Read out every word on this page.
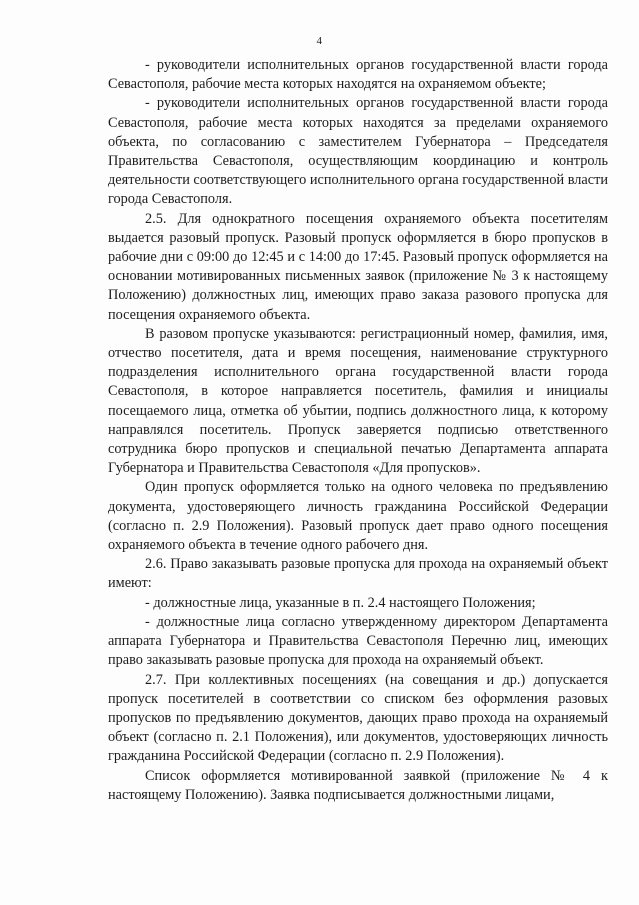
4

- руководители исполнительных органов государственной власти города Севастополя, рабочие места которых находятся на охраняемом объекте;

- руководители исполнительных органов государственной власти города Севастополя, рабочие места которых находятся за пределами охраняемого объекта, по согласованию с заместителем Губернатора – Председателя Правительства Севастополя, осуществляющим координацию и контроль деятельности соответствующего исполнительного органа государственной власти города Севастополя.

2.5. Для однократного посещения охраняемого объекта посетителям выдается разовый пропуск. Разовый пропуск оформляется в бюро пропусков в рабочие дни с 09:00 до 12:45 и с 14:00 до 17:45. Разовый пропуск оформляется на основании мотивированных письменных заявок (приложение № 3 к настоящему Положению) должностных лиц, имеющих право заказа разового пропуска для посещения охраняемого объекта.

В разовом пропуске указываются: регистрационный номер, фамилия, имя, отчество посетителя, дата и время посещения, наименование структурного подразделения исполнительного органа государственной власти города Севастополя, в которое направляется посетитель, фамилия и инициалы посещаемого лица, отметка об убытии, подпись должностного лица, к которому направлялся посетитель. Пропуск заверяется подписью ответственного сотрудника бюро пропусков и специальной печатью Департамента аппарата Губернатора и Правительства Севастополя «Для пропусков».

Один пропуск оформляется только на одного человека по предъявлению документа, удостоверяющего личность гражданина Российской Федерации (согласно п. 2.9 Положения). Разовый пропуск дает право одного посещения охраняемого объекта в течение одного рабочего дня.

2.6. Право заказывать разовые пропуска для прохода на охраняемый объект имеют:

- должностные лица, указанные в п. 2.4 настоящего Положения;

- должностные лица согласно утвержденному директором Департамента аппарата Губернатора и Правительства Севастополя Перечню лиц, имеющих право заказывать разовые пропуска для прохода на охраняемый объект.

2.7. При коллективных посещениях (на совещания и др.) допускается пропуск посетителей в соответствии со списком без оформления разовых пропусков по предъявлению документов, дающих право прохода на охраняемый объект (согласно п. 2.1 Положения), или документов, удостоверяющих личность гражданина Российской Федерации (согласно п. 2.9 Положения).

Список оформляется мотивированной заявкой (приложение № 4 к настоящему Положению). Заявка подписывается должностными лицами,
